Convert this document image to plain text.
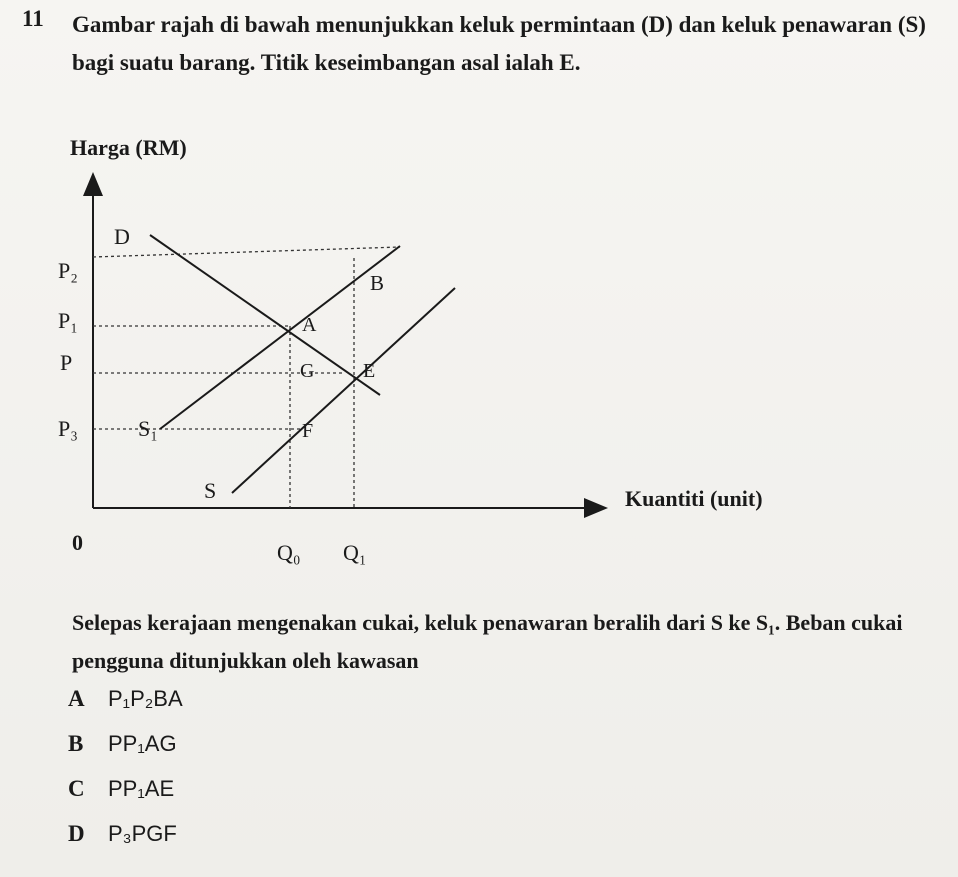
11 Gambar rajah di bawah menunjukkan keluk permintaan (D) dan keluk penawaran (S) bagi suatu barang. Titik keseimbangan asal ialah E.
Harga (RM)
Kuantiti (unit)
0
P₂
P₁
P
P₃
Q₀ Q₁
D
S
S₁
B
A
G E
F
Selepas kerajaan mengenakan cukai, keluk penawaran beralih dari S ke S₁. Beban cukai pengguna ditunjukkan oleh kawasan
A P₁P₂BA
B PP₁AG
C PP₁AE
D P₃PGF
